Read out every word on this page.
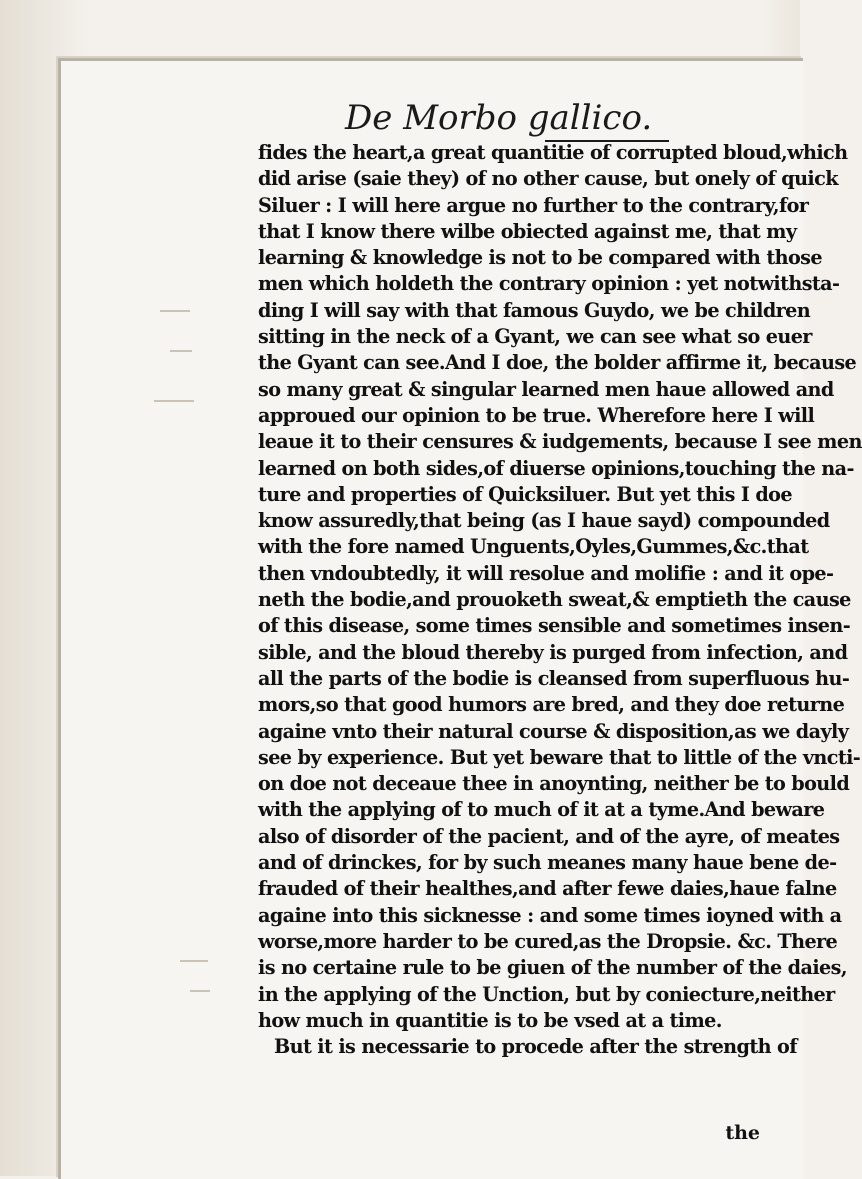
De Morbo gallico.
fides the heart,a great quantitie of corrupted bloud,which
did arise (saie they) of no other cause, but onely of quick
Siluer : I will here argue no further to the contrary,for
that I know there wilbe obiected against me, that my
learning & knowledge is not to be compared with those
men which holdeth the contrary opinion : yet notwithsta-
ding I will say with that famous Guydo, we be children
sitting in the neck of a Gyant, we can see what so euer
the Gyant can see.And I doe, the bolder affirme it, because
so many great & singular learned men haue allowed and
approued our opinion to be true. Wherefore here I will
leaue it to their censures & iudgements, because I see men
learned on both sides,of diuerse opinions,touching the na-
ture and properties of Quicksiluer. But yet this I doe
know assuredly,that being (as I haue sayd) compounded
with the fore named Unguents,Oyles,Gummes,&c.that
then vndoubtedly, it will resolue and molifie : and it ope-
neth the bodie,and prouoketh sweat,& emptieth the cause
of this disease, some times sensible and sometimes insen-
sible, and the bloud thereby is purged from infection, and
all the parts of the bodie is cleansed from superfluous hu-
mors,so that good humors are bred, and they doe returne
againe vnto their natural course & disposition,as we dayly
see by experience. But yet beware that to little of the vncti-
on doe not deceaue thee in anoynting, neither be to bould
with the applying of to much of it at a tyme.And beware
also of disorder of the pacient, and of the ayre, of meates
and of drinckes, for by such meanes many haue bene de-
frauded of their healthes,and after fewe daies,haue falne
againe into this sicknesse : and some times ioyned with a
worse,more harder to be cured,as the Dropsie. &c. There
is no certaine rule to be giuen of the number of the daies,
in the applying of the Unction, but by coniecture,neither
how much in quantitie is to be vsed at a time.
But it is necessarie to procede after the strength of
the
